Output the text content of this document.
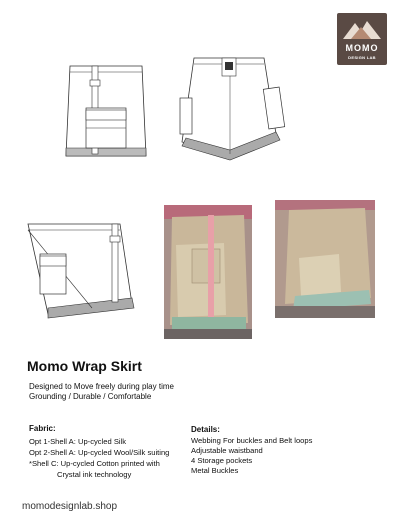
MOMO
DESIGN LAB
Momo Wrap Skirt
Designed to Move freely during play time
Grounding / Durable / Comfortable
Fabric:
Opt 1-Shell A: Up-cycled Silk
Opt 2-Shell A: Up-cycled Wool/Silk suiting
*Shell C: Up-cycled Cotton printed with
Crystal ink technology
Details:
Webbing For buckles and Belt loops
Adjustable waistband
4 Storage pockets
Metal Buckles
momodesignlab.shop
